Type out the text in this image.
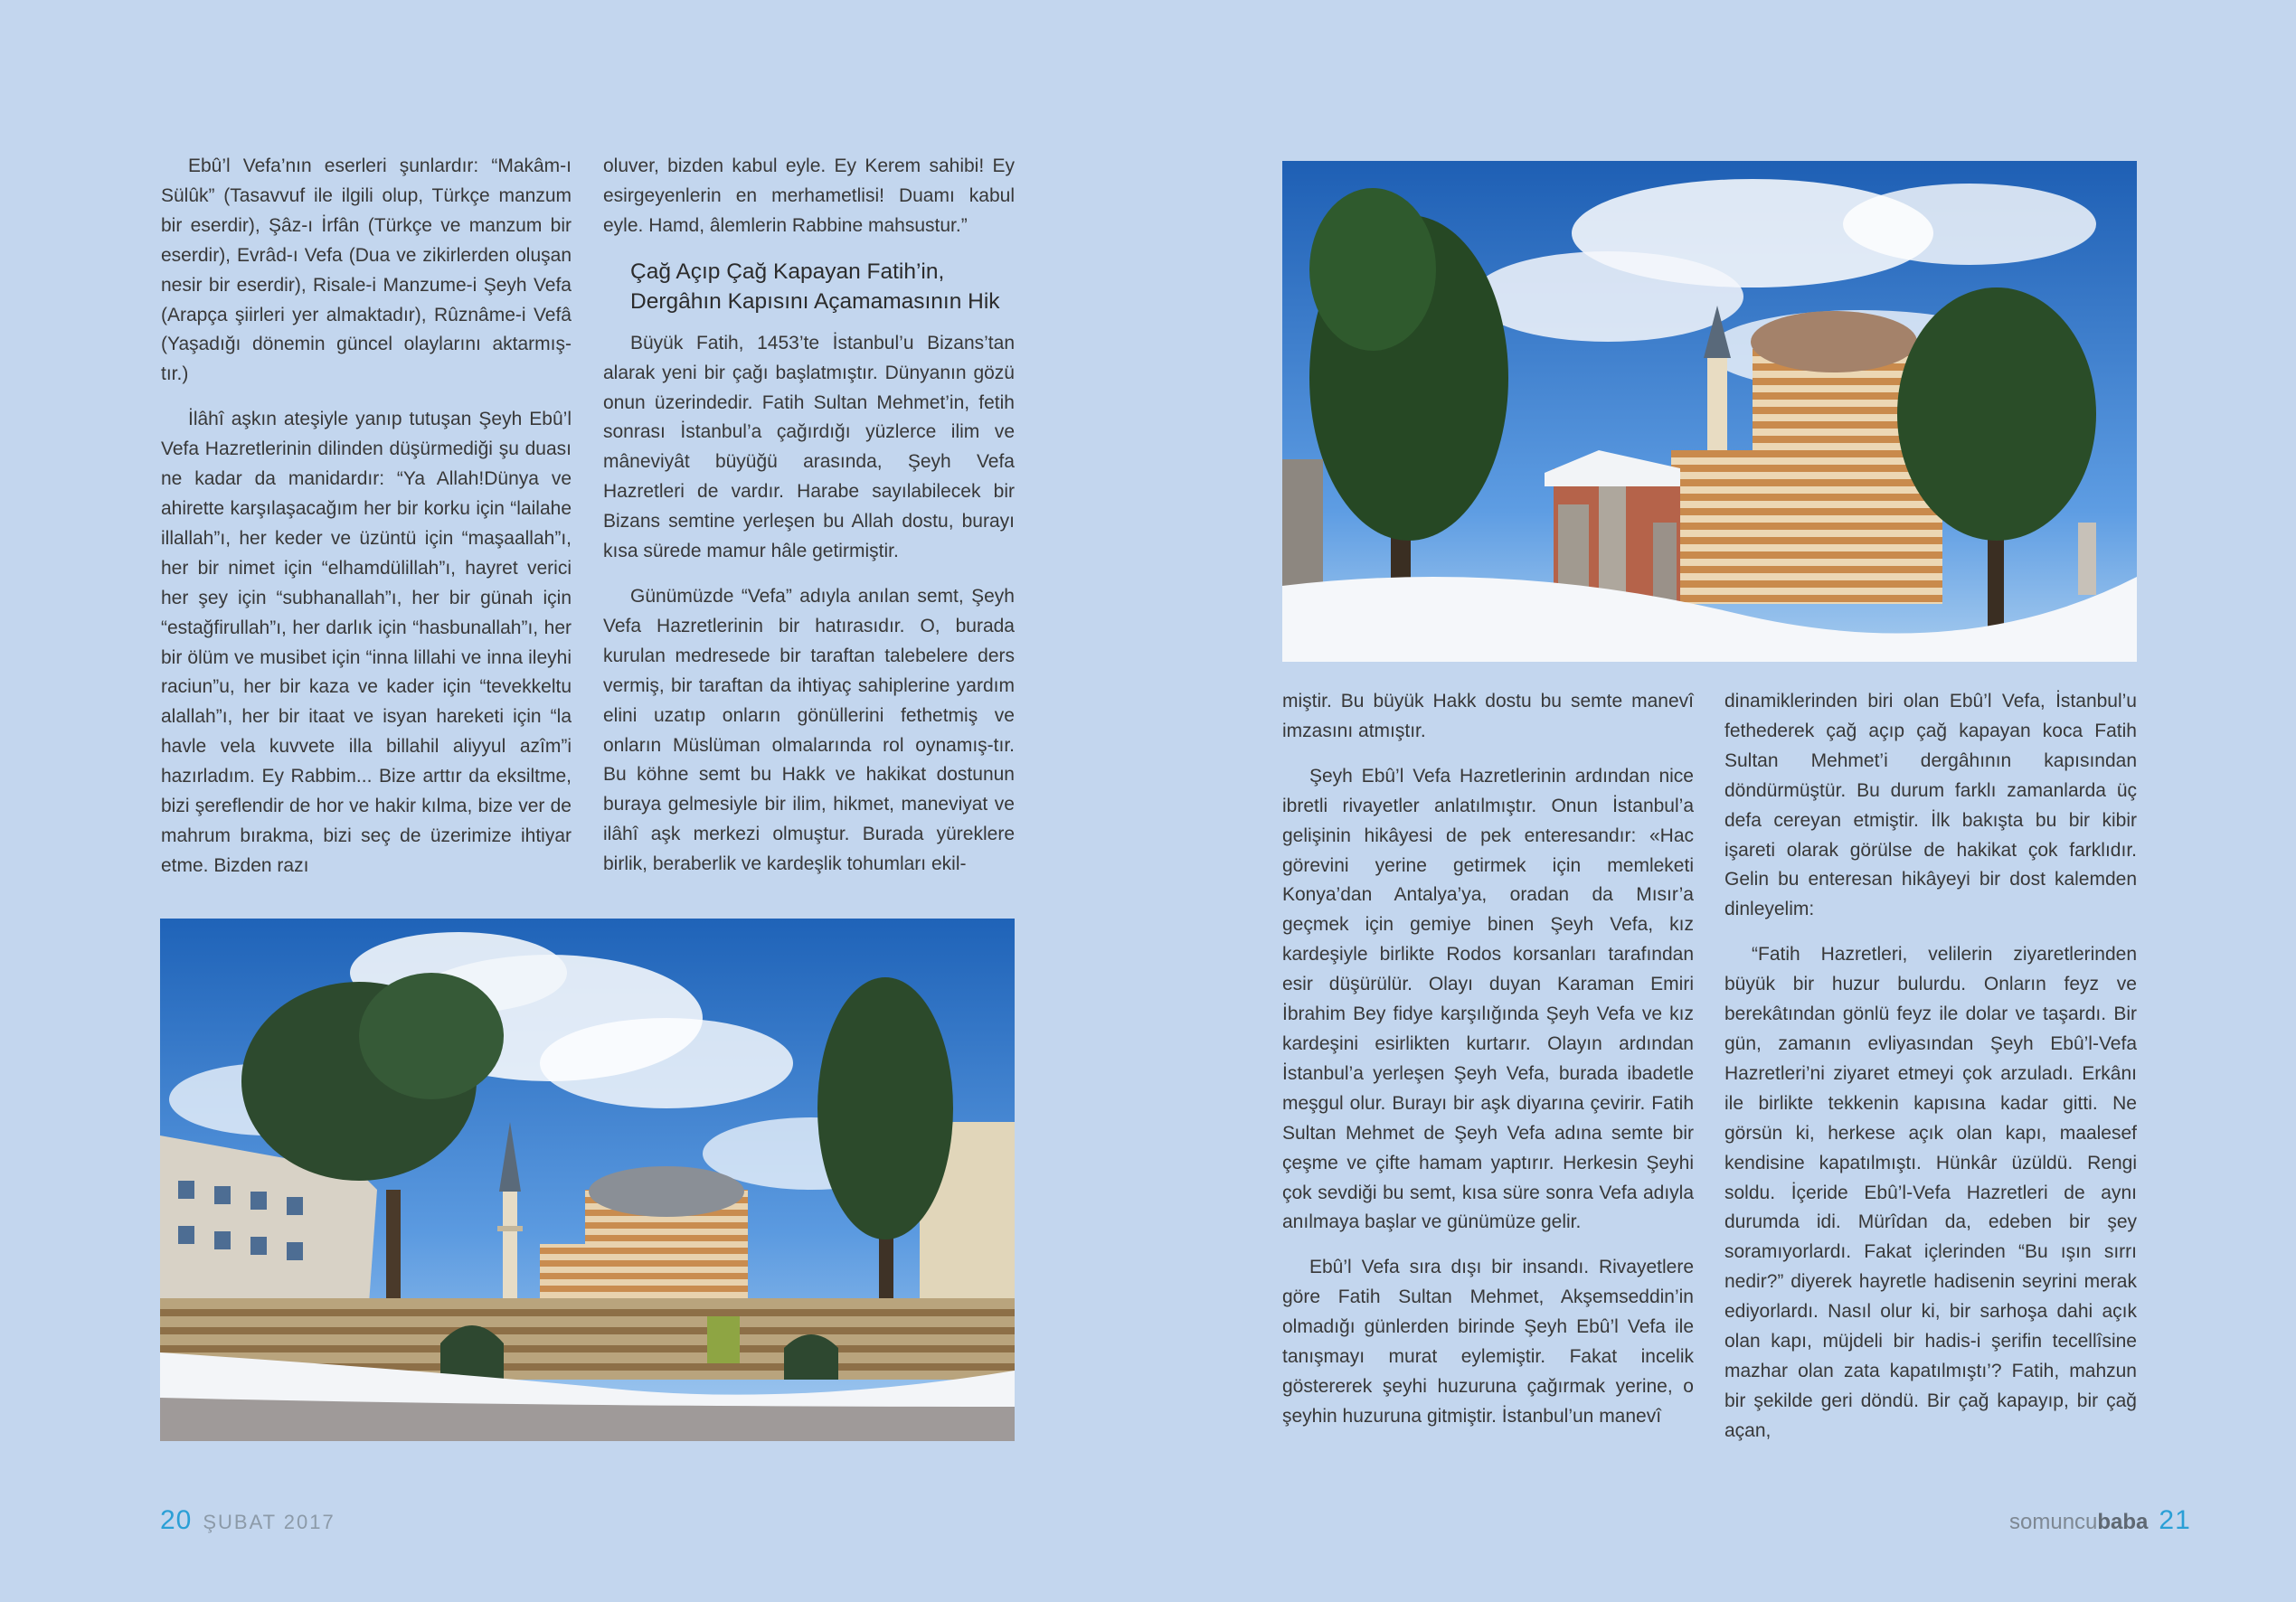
Ebû’l Vefa’nın eserleri şunlardır: “Makâm-ı Sülûk” (Tasavvuf ile ilgili olup, Türkçe manzum bir eserdir), Şâz-ı İrfân (Türkçe ve manzum bir eserdir), Evrâd-ı Vefa (Dua ve zikirlerden oluşan nesir bir eserdir), Risale-i Manzume-i Şeyh Vefa (Arapça şiirleri yer almaktadır), Rûznâme-i Vefâ (Yaşadığı dönemin güncel olaylarını aktarmış-tır.)

İlâhî aşkın ateşiyle yanıp tutuşan Şeyh Ebû’l Vefa Hazretlerinin dilinden düşürmediği şu duası ne kadar da manidardır: “Ya Allah!Dünya ve ahirette karşılaşacağım her bir korku için “lailahe illallah”ı, her keder ve üzüntü için “maşaallah”ı, her bir nimet için “elhamdülillah”ı, hayret verici her şey için “subhanallah”ı, her bir günah için “estağfirullah”ı, her darlık için “hasbunallah”ı, her bir ölüm ve musibet için “inna lillahi ve inna ileyhi raciun”u, her bir kaza ve kader için “tevekkeltu alallah”ı, her bir itaat ve isyan hareketi için “la havle vela kuvvete illa billahil aliyyul azîm”i hazırladım. Ey Rabbim... Bize arttır da eksiltme, bizi şereflendir de hor ve hakir kılma, bize ver de mahrum bırakma, bizi seç de üzerimize ihtiyar etme. Bizden razı

oluver, bizden kabul eyle. Ey Kerem sahibi! Ey esirgeyenlerin en merhametlisi! Duamı kabul eyle. Hamd, âlemlerin Rabbine mahsustur.”

Çağ Açıp Çağ Kapayan Fatih’in, Dergâhın Kapısını Açamamasının Hik

Büyük Fatih, 1453’te İstanbul’u Bizans’tan alarak yeni bir çağı başlatmıştır. Dünyanın gözü onun üzerindedir. Fatih Sultan Mehmet’in, fetih sonrası İstanbul’a çağırdığı yüzlerce ilim ve mâneviyât büyüğü arasında, Şeyh Vefa Hazretleri de vardır. Harabe sayılabilecek bir Bizans semtine yerleşen bu Allah dostu, burayı kısa sürede mamur hâle getirmiştir.

Günümüzde “Vefa” adıyla anılan semt, Şeyh Vefa Hazretlerinin bir hatırasıdır. O, burada kurulan medresede bir taraftan talebelere ders vermiş, bir taraftan da ihtiyaç sahiplerine yardım elini uzatıp onların gönüllerini fethetmiş ve onların Müslüman olmalarında rol oynamış-tır. Bu köhne semt bu Hakk ve hakikat dostunun buraya gelmesiyle bir ilim, hikmet, maneviyat ve ilâhî aşk merkezi olmuştur. Burada yüreklere birlik, beraberlik ve kardeşlik tohumları ekil-

miştir. Bu büyük Hakk dostu bu semte manevî imzasını atmıştır.

Şeyh Ebû’l Vefa Hazretlerinin ardından nice ibretli rivayetler anlatılmıştır. Onun İstanbul’a gelişinin hikâyesi de pek enteresandır: «Hac görevini yerine getirmek için memleketi Konya’dan Antalya’ya, oradan da Mısır’a geçmek için gemiye binen Şeyh Vefa, kız kardeşiyle birlikte Rodos korsanları tarafından esir düşürülür. Olayı duyan Karaman Emiri İbrahim Bey fidye karşılığında Şeyh Vefa ve kız kardeşini esirlikten kurtarır. Olayın ardından İstanbul’a yerleşen Şeyh Vefa, burada ibadetle meşgul olur. Burayı bir aşk diyarına çevirir. Fatih Sultan Mehmet de Şeyh Vefa adına semte bir çeşme ve çifte hamam yaptırır. Herkesin Şeyhi çok sevdiği bu semt, kısa süre sonra Vefa adıyla anılmaya başlar ve günümüze gelir.

Ebû’l Vefa sıra dışı bir insandı. Rivayetlere göre Fatih Sultan Mehmet, Akşemseddin’in olmadığı günlerden birinde Şeyh Ebû’l Vefa ile tanışmayı murat eylemiştir. Fakat incelik göstererek şeyhi huzuruna çağırmak yerine, o şeyhin huzuruna gitmiştir. İstanbul’un manevî

dinamiklerinden biri olan Ebû’l Vefa, İstanbul’u fethederek çağ açıp çağ kapayan koca Fatih Sultan Mehmet’i dergâhının kapısından döndürmüştür. Bu durum farklı zamanlarda üç defa cereyan etmiştir. İlk bakışta bu bir kibir işareti olarak görülse de hakikat çok farklıdır. Gelin bu enteresan hikâyeyi bir dost kalemden dinleyelim:

“Fatih Hazretleri, velilerin ziyaretlerinden büyük bir huzur bulurdu. Onların feyz ve berekâtından gönlü feyz ile dolar ve taşardı. Bir gün, zamanın evliyasından Şeyh Ebû’l-Vefa Hazretleri’ni ziyaret etmeyi çok arzuladı. Erkânı ile birlikte tekkenin kapısına kadar gitti. Ne görsün ki, herkese açık olan kapı, maalesef kendisine kapatılmıştı. Hünkâr üzüldü. Rengi soldu. İçeride Ebû’l-Vefa Hazretleri de aynı durumda idi. Mürîdan da, edeben bir şey soramıyorlardı. Fakat içlerinden “Bu ışın sırrı nedir?” diyerek hayretle hadisenin seyrini merak ediyorlardı. Nasıl olur ki, bir sarhoşa dahi açık olan kapı, müjdeli bir hadis-i şerifin tecellîsine mazhar olan zata kapatılmıştı’? Fatih, mahzun bir şekilde geri döndü. Bir çağ kapayıp, bir çağ açan,

20 ŞUBAT 2017	somuncubaba 21
